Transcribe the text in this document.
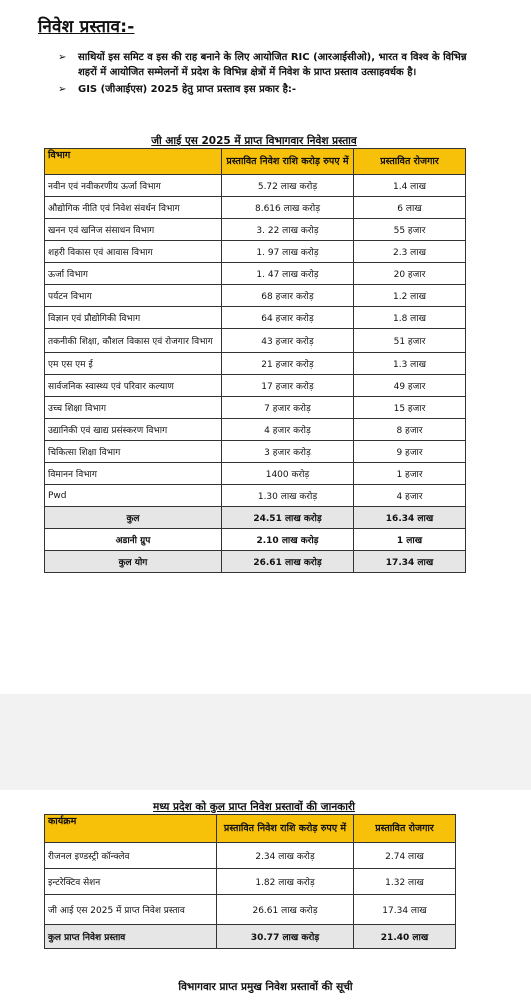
निवेश प्रस्ताव:-
➢ साथियों इस समिट व इस की राह बनाने के लिए आयोजित RIC (आरआईसीओ), भारत व विश्व के विभिन्न शहरों में आयोजित सम्मेलनों में प्रदेश के विभिन्न क्षेत्रों में निवेश के प्राप्त प्रस्ताव उत्साहवर्धक है।
➢ GIS (जीआईएस) 2025 हेतु प्राप्त प्रस्ताव इस प्रकार है:-
जी आई एस 2025 में प्राप्त विभागवार निवेश प्रस्ताव
विभाग	प्रस्तावित निवेश राशि करोड़ रुपए में	प्रस्तावित रोजगार
नवीन एवं नवीकरणीय ऊर्जा विभाग	5.72 लाख करोड़	1.4 लाख
औद्योगिक नीति एवं निवेश संवर्धन विभाग	8.616 लाख करोड़	6 लाख
खनन एवं खनिज संसाधन विभाग	3. 22 लाख करोड़	55 हजार
शहरी विकास एवं आवास विभाग	1. 97 लाख करोड़	2.3 लाख
ऊर्जा विभाग	1. 47 लाख करोड़	20 हजार
पर्यटन विभाग	68 हजार करोड़	1.2 लाख
विज्ञान एवं प्रौद्योगिकी विभाग	64 हजार करोड़	1.8 लाख
तकनीकी शिक्षा, कौशल विकास एवं रोजगार विभाग	43 हजार करोड़	51 हजार
एम एस एम ई	21 हजार करोड़	1.3 लाख
सार्वजनिक स्वास्थ्य एवं परिवार कल्याण	17 हजार करोड़	49 हजार
उच्च शिक्षा विभाग	7 हजार करोड़	15 हजार
उद्यानिकी एवं खाद्य प्रसंस्करण विभाग	4 हजार करोड़	8 हजार
चिकित्सा शिक्षा विभाग	3 हजार करोड़	9 हजार
विमानन विभाग	1400 करोड़	1 हजार
Pwd	1.30 लाख करोड़	4 हजार
कुल	24.51 लाख करोड़	16.34 लाख
अडानी ग्रुप	2.10 लाख करोड़	1 लाख
कुल योग	26.61 लाख करोड़	17.34 लाख
मध्य प्रदेश को कुल प्राप्त निवेश प्रस्तावों की जानकारी
कार्यक्रम	प्रस्तावित निवेश राशि करोड़ रुपए में	प्रस्तावित रोजगार
रीजनल इण्डस्ट्री कॉन्क्लेव	2.34 लाख करोड़	2.74 लाख
इन्टरेक्टिव सेशन	1.82 लाख करोड़	1.32 लाख
जी आई एस 2025 में प्राप्त निवेश प्रस्ताव	26.61 लाख करोड़	17.34 लाख
कुल प्राप्त निवेश प्रस्ताव	30.77 लाख करोड़	21.40 लाख
विभागवार प्राप्त प्रमुख निवेश प्रस्तावों की सूची
